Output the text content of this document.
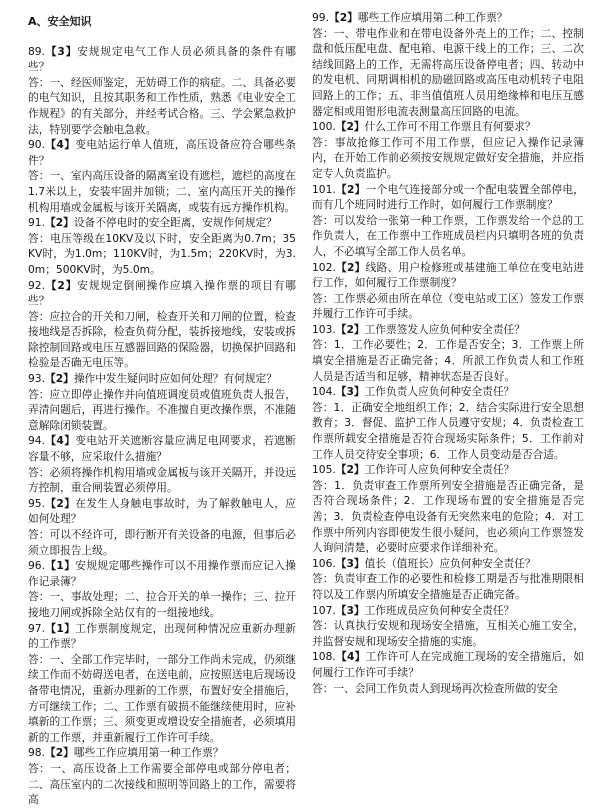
A、安全知识
89.【3】安规规定电气工作人员必须具备的条件有哪些？
答：一、经医师鉴定，无妨碍工作的病症。二、具备必要的电气知识，且按其职务和工作性质，熟悉《电业安全工作规程》的有关部分，并经考试合格。三、学会紧急救护法，特别要学会触电急救。
90.【4】变电站运行单人值班，高压设备应符合哪些条件？
答：一、室内高压设备的隔离室设有遮栏，遮栏的高度在1.7米以上，安装牢固并加锁；二、室内高压开关的操作机构用墙或金属板与该开关隔离，或装有远方操作机构。
91.【2】设备不停电时的安全距离，安规作何规定？
答：电压等级在10KV及以下时，安全距离为0.7m；35KV时，为1.0m；110KV时，为1.5m；220KV时，为3.0m；500KV时，为5.0m。
92.【2】安规规定倒闸操作应填入操作票的项目有哪些？
答：应拉合的开关和刀闸，检查开关和刀闸的位置，检查接地线是否拆除，检查负荷分配，装拆接地线，安装或拆除控制回路或电压互感器回路的保险器，切换保护回路和检验是否确无电压等。
93.【2】操作中发生疑问时应如何处理？有何规定？
答：应立即停止操作并向值班调度员或值班负责人报告，弄清问题后，再进行操作。不准擅自更改操作票，不准随意解除闭锁装置。
94.【4】变电站开关遮断容量应满足电网要求，若遮断容量不够，应采取什么措施？
答：必须将操作机构用墙或金属板与该开关隔开，并设远方控制，重合闸装置必须停用。
95.【2】在发生人身触电事故时，为了解救触电人，应如何处理？
答：可以不经许可，即行断开有关设备的电源，但事后必须立即报告上级。
96.【1】安规规定哪些操作可以不用操作票而应记入操作记录簿？
答：一、事故处理；二、拉合开关的单一操作；三、拉开接地刀闸或拆除全站仅有的一组接地线。
97.【1】工作票制度规定，出现何种情况应重新办理新的工作票？
答：一、全部工作完毕时，一部分工作尚未完成，仍须继续工作而不妨碍送电者，在送电前，应按照送电后现场设备带电情况，重新办理新的工作票，布置好安全措施后，方可继续工作；二、工作票有破损不能继续使用时，应补填新的工作票；三、须变更或增设安全措施者，必须填用新的工作票，并重新履行工作许可手续。
98.【2】哪些工作应填用第一种工作票？
答：一、高压设备上工作需要全部停电或部分停电者；二、高压室内的二次接线和照明等回路上的工作，需要将高
99.【2】哪些工作应填用第二种工作票？
答：一、带电作业和在带电设备外壳上的工作；二、控制盘和低压配电盘、配电箱、电源干线上的工作；三、二次结线回路上的工作，无需将高压设备停电者；四、转动中的发电机、同期调相机的励磁回路或高压电动机转子电阻回路上的工作；五、非当值值班人员用绝缘棒和电压互感器定相或用钳形电流表测量高压回路的电流。
100.【2】什么工作可不用工作票且有何要求？
答：事故抢修工作可不用工作票，但应记入操作记录簿内，在开始工作前必须按安规规定做好安全措施，并应指定专人负责监护。
101.【2】一个电气连接部分或一个配电装置全部停电，而有几个班同时进行工作时，如何履行工作票制度？
答：可以发给一张第一种工作票，工作票发给一个总的工作负责人，在工作票中工作班成员栏内只填明各班的负责人，不必填写全部工作人员名单。
102.【2】线路、用户检修班或基建施工单位在变电站进行工作，如何履行工作票制度？
答：工作票必须由所在单位（变电站或工区）签发工作票并履行工作许可手续。
103.【2】工作票签发人应负何种安全责任？
答：1．工作必要性；2．工作是否安全；3．工作票上所填安全措施是否正确完备；4．所派工作负责人和工作班人员是否适当和足够，精神状态是否良好。
104.【3】工作负责人应负何种安全责任？
答：1．正确安全地组织工作；2．结合实际进行安全思想教育；3．督促、监护工作人员遵守安规；4．负责检查工作票所载安全措施是否符合现场实际条件；5．工作前对工作人员交待安全事项；6．工作人员变动是否合适。
105.【2】工作许可人应负何种安全责任？
答：1．负责审查工作票所列安全措施是否正确完备，是否符合现场条件；2．工作现场布置的安全措施是否完善；3．负责检查停电设备有无突然来电的危险；4．对工作票中所列内容即使发生很小疑问，也必须向工作票签发人询问清楚，必要时应要求作详细补充。
106.【3】值长（值班长）应负何种安全责任？
答：负责审查工作的必要性和检修工期是否与批准期限相符以及工作票内所填安全措施是否正确完备。
107.【3】工作班成员应负何种安全责任？
答：认真执行安规和现场安全措施，互相关心施工安全，并监督安规和现场安全措施的实施。
108.【4】工作许可人在完成施工现场的安全措施后，如何履行工作许可手续？
答：一、会同工作负责人到现场再次检查所做的安全
